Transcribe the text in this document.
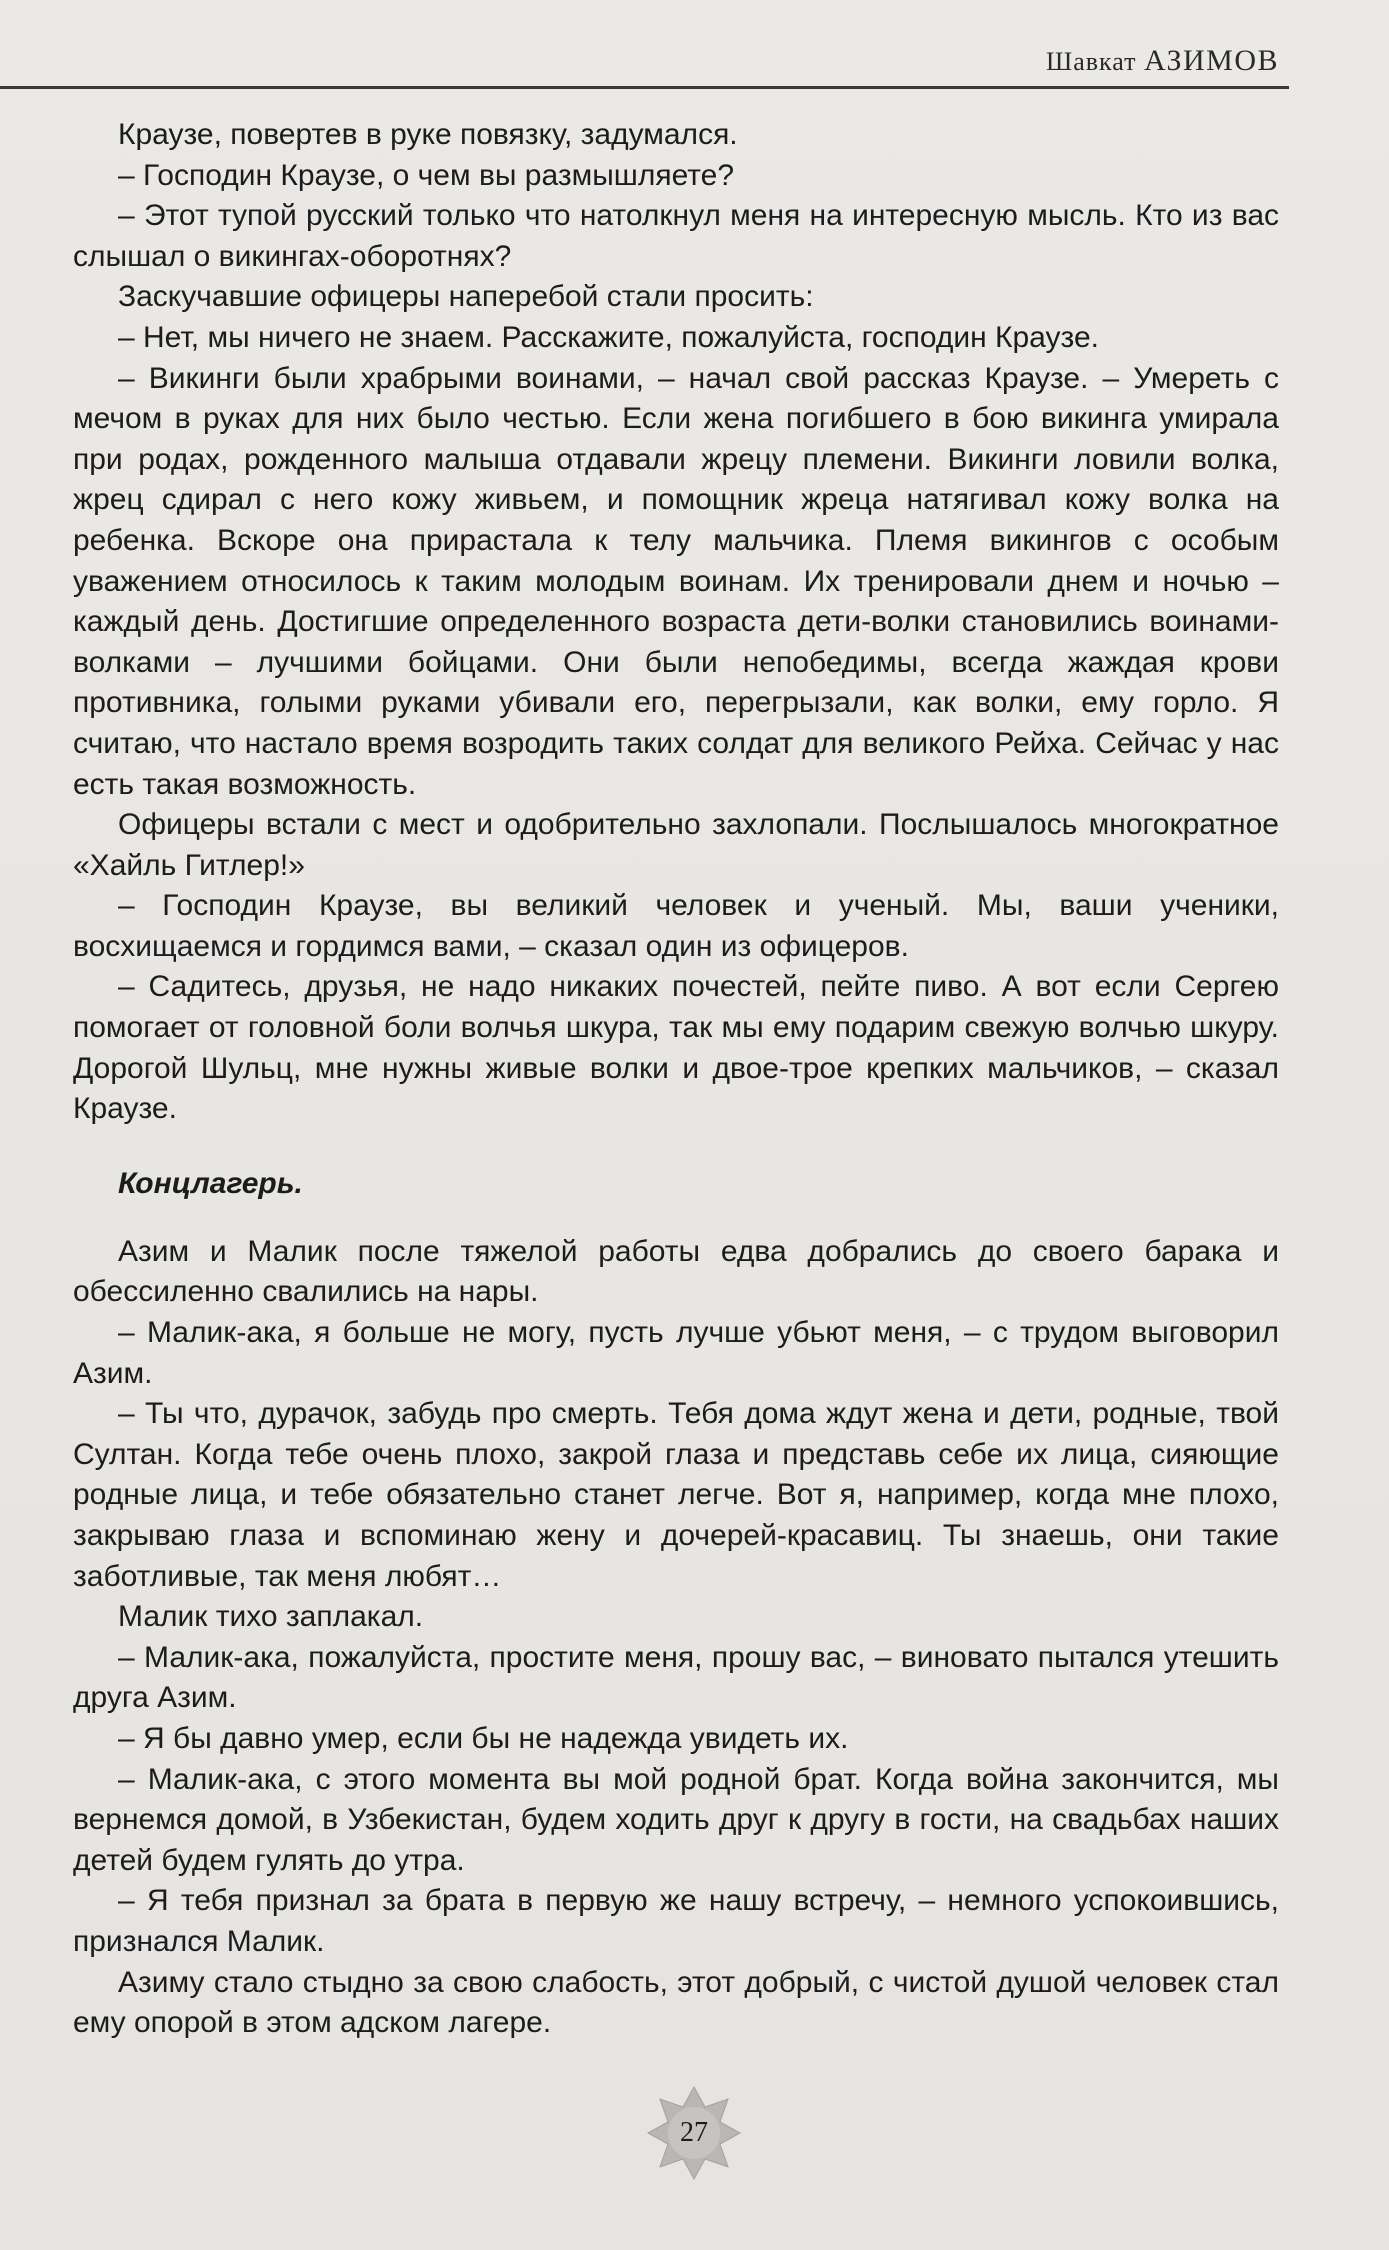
Шавкат АЗИМОВ

Краузе, повертев в руке повязку, задумался.

– Господин Краузе, о чем вы размышляете?

– Этот тупой русский только что натолкнул меня на интересную мысль. Кто из вас слышал о викингах-оборотнях?

Заскучавшие офицеры наперебой стали просить:

– Нет, мы ничего не знаем. Расскажите, пожалуйста, господин Краузе.

– Викинги были храбрыми воинами, – начал свой рассказ Краузе. – Умереть с мечом в руках для них было честью. Если жена погибшего в бою викинга умирала при родах, рожденного малыша отдавали жрецу племени. Викинги ловили волка, жрец сдирал с него кожу живьем, и помощник жреца натягивал кожу волка на ребенка. Вскоре она прирастала к телу мальчика. Племя викингов с особым уважением относилось к таким молодым воинам. Их тренировали днем и ночью – каждый день. Достигшие определенного возраста дети-волки становились воинами-волками – лучшими бойцами. Они были непобедимы, всегда жаждая крови противника, голыми руками убивали его, перегрызали, как волки, ему горло. Я считаю, что настало время возродить таких солдат для великого Рейха. Сейчас у нас есть такая возможность.

Офицеры встали с мест и одобрительно захлопали. Послышалось многократное «Хайль Гитлер!»

– Господин Краузе, вы великий человек и ученый. Мы, ваши ученики, восхищаемся и гордимся вами, – сказал один из офицеров.

– Садитесь, друзья, не надо никаких почестей, пейте пиво. А вот если Сергею помогает от головной боли волчья шкура, так мы ему подарим свежую волчью шкуру. Дорогой Шульц, мне нужны живые волки и двое-трое крепких мальчиков, – сказал Краузе.

Концлагерь.

Азим и Малик после тяжелой работы едва добрались до своего барака и обессиленно свалились на нары.

– Малик-ака, я больше не могу, пусть лучше убьют меня, – с трудом выговорил Азим.

– Ты что, дурачок, забудь про смерть. Тебя дома ждут жена и дети, родные, твой Султан. Когда тебе очень плохо, закрой глаза и представь себе их лица, сияющие родные лица, и тебе обязательно станет легче. Вот я, например, когда мне плохо, закрываю глаза и вспоминаю жену и дочерей-красавиц. Ты знаешь, они такие заботливые, так меня любят…

Малик тихо заплакал.

– Малик-ака, пожалуйста, простите меня, прошу вас, – виновато пытался утешить друга Азим.

– Я бы давно умер, если бы не надежда увидеть их.

– Малик-ака, с этого момента вы мой родной брат. Когда война закончится, мы вернемся домой, в Узбекистан, будем ходить друг к другу в гости, на свадьбах наших детей будем гулять до утра.

– Я тебя признал за брата в первую же нашу встречу, – немного успокоившись, признался Малик.

Азиму стало стыдно за свою слабость, этот добрый, с чистой душой человек стал ему опорой в этом адском лагере.

27
